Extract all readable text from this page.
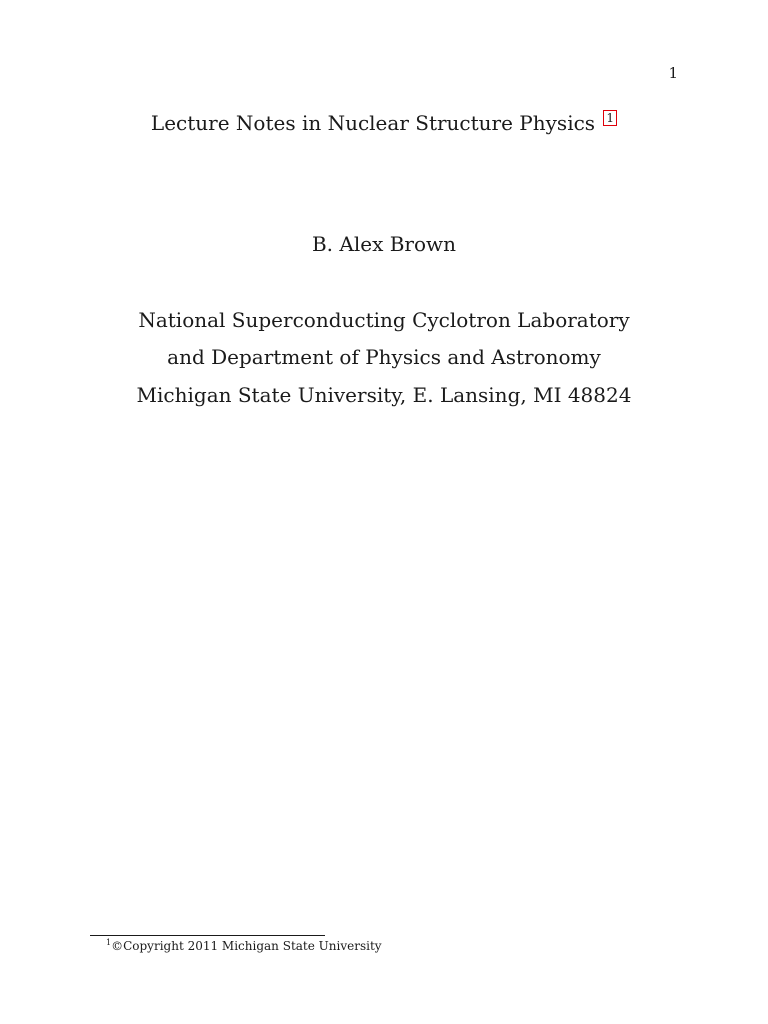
1
Lecture Notes in Nuclear Structure Physics 1
B. Alex Brown
National Superconducting Cyclotron Laboratory
and Department of Physics and Astronomy
Michigan State University, E. Lansing, MI 48824
$^1$©Copyright 2011 Michigan State University
